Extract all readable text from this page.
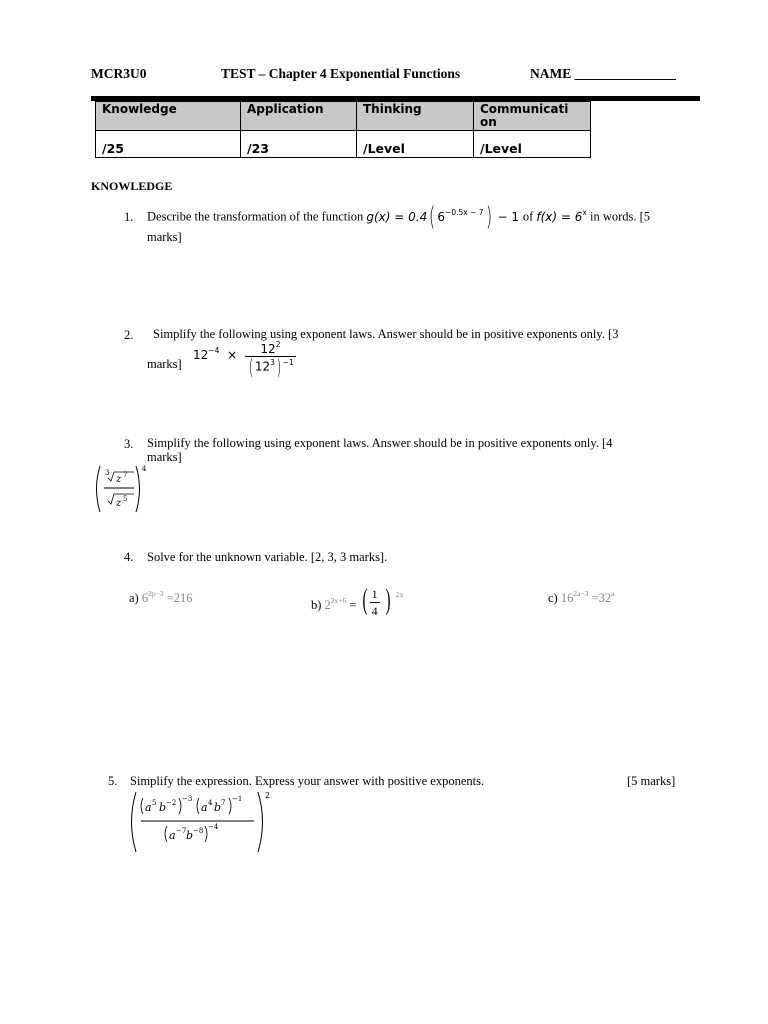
MCR3U0	TEST – Chapter 4 Exponential Functions	NAME _______________
Knowledge	Application	Thinking	Communicati
on
/25	/23	/Level	/Level
KNOWLEDGE
1. Describe the transformation of the function g(x) = 0.4( $6^{-0.5x - 7}) - 1$ of $f(x) = 6^x$ in words. [5
marks]
2. Simplify the following using exponent laws. Answer should be in positive exponents only. [3
marks]
$12^{-4} \times \frac{12^2}{( 12^3) ^{-1}}$
3. Simplify the following using exponent laws. Answer should be in positive exponents only. [4
marks]
3
z 7
z 5
4
4. Solve for the unknown variable. [2, 3, 3 marks].
a) $6^{2p-3} =216$
b) $2^{2x+6}$ = ( $\frac{1}{4}$ ) 2x	c) $16^{2a-3} =32^a$
5. Simplify the expression. Express your answer with positive exponents.	[5 marks]
2
a 5 b −2 −3
a 4 b 7 −1
a −7 b −8 −4
